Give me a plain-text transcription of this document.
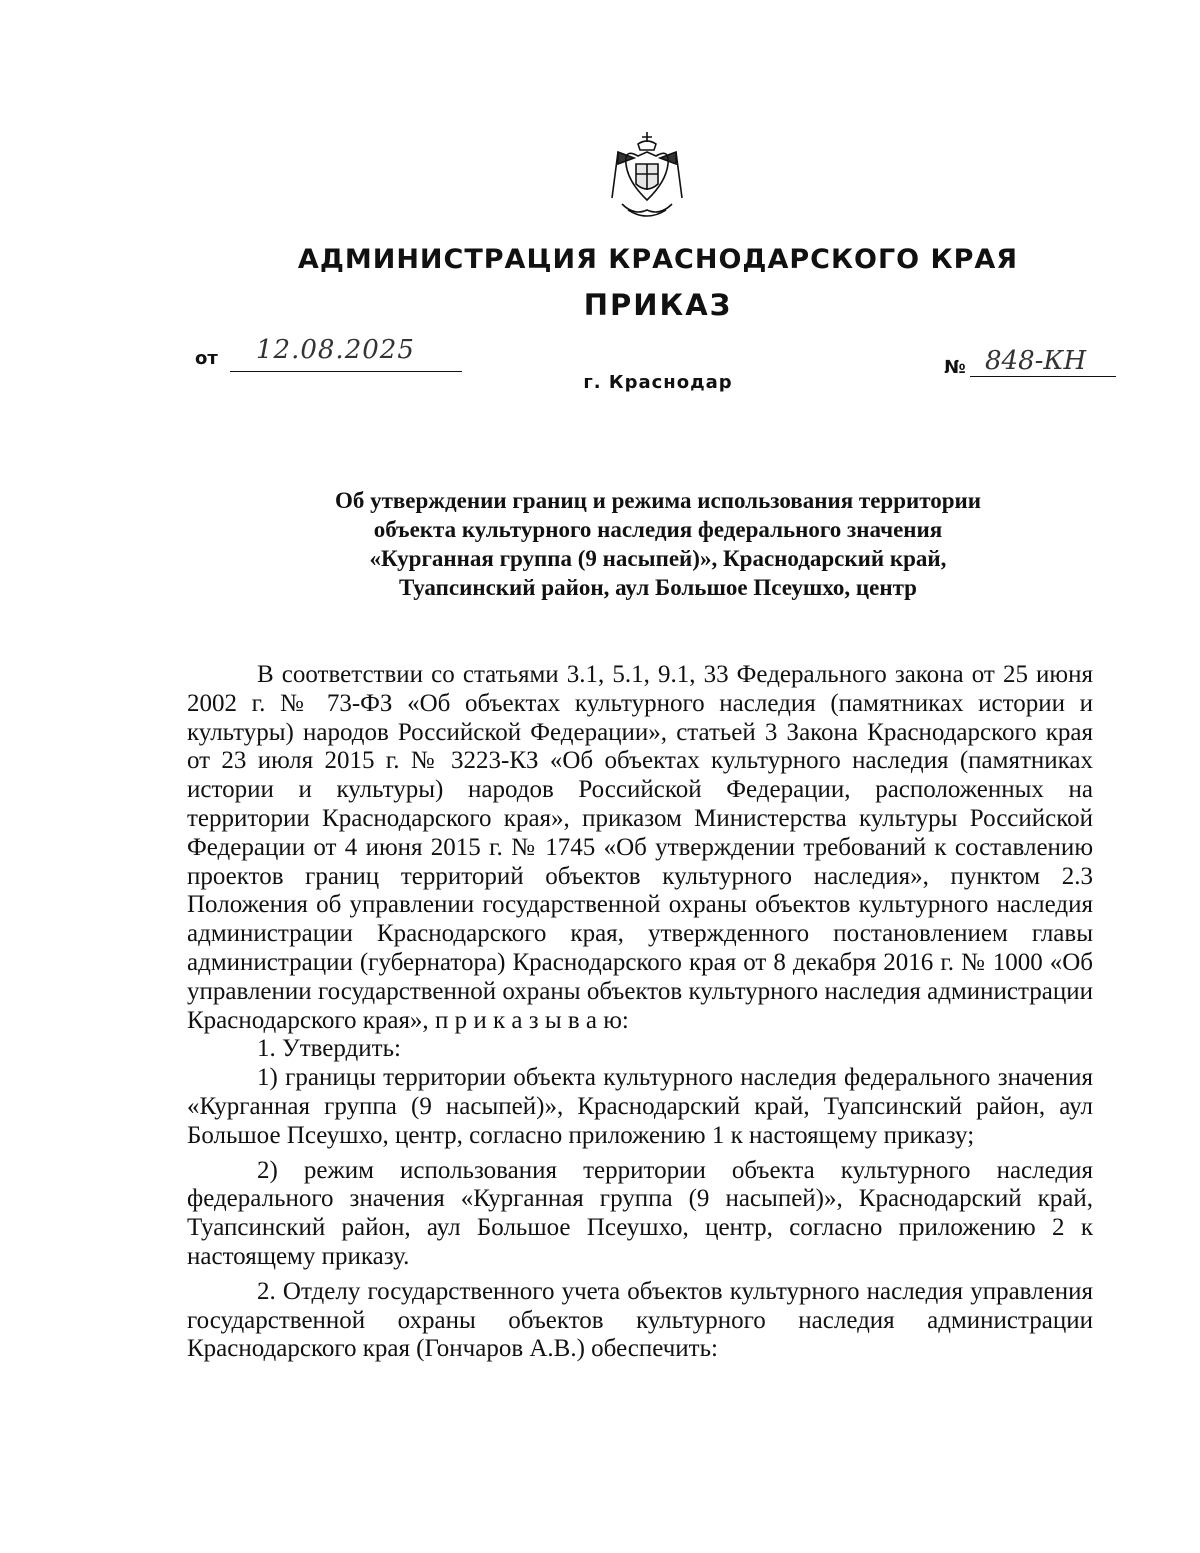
АДМИНИСТРАЦИЯ КРАСНОДАРСКОГО КРАЯ
ПРИКАЗ
от 12.08.2025
№ 848-КН
г. Краснодар
Об утверждении границ и режима использования территории
объекта культурного наследия федерального значения
«Курганная группа (9 насыпей)», Краснодарский край,
Туапсинский район, аул Большое Псеушхо, центр

В соответствии со статьями 3.1, 5.1, 9.1, 33 Федерального закона от 25 июня 2002 г. № 73-ФЗ «Об объектах культурного наследия (памятниках истории и культуры) народов Российской Федерации», статьей 3 Закона Краснодарского края от 23 июля 2015 г. № 3223-КЗ «Об объектах культурного наследия (памятниках истории и культуры) народов Российской Федерации, расположенных на территории Краснодарского края», приказом Министерства культуры Российской Федерации от 4 июня 2015 г. № 1745 «Об утверждении требований к составлению проектов границ территорий объектов культурного наследия», пунктом 2.3 Положения об управлении государственной охраны объектов культурного наследия администрации Краснодарского края, утвержденного постановлением главы администрации (губернатора) Краснодарского края от 8 декабря 2016 г. № 1000 «Об управлении государственной охраны объектов культурного наследия администрации Краснодарского края», п р и к а з ы в а ю:

1. Утвердить:

1) границы территории объекта культурного наследия федерального значения «Курганная группа (9 насыпей)», Краснодарский край, Туапсинский район, аул Большое Псеушхо, центр, согласно приложению 1 к настоящему приказу;

2) режим использования территории объекта культурного наследия федерального значения «Курганная группа (9 насыпей)», Краснодарский край, Туапсинский район, аул Большое Псеушхо, центр, согласно приложению 2 к настоящему приказу.

2. Отделу государственного учета объектов культурного наследия управления государственной охраны объектов культурного наследия администрации Краснодарского края (Гончаров А.В.) обеспечить:
